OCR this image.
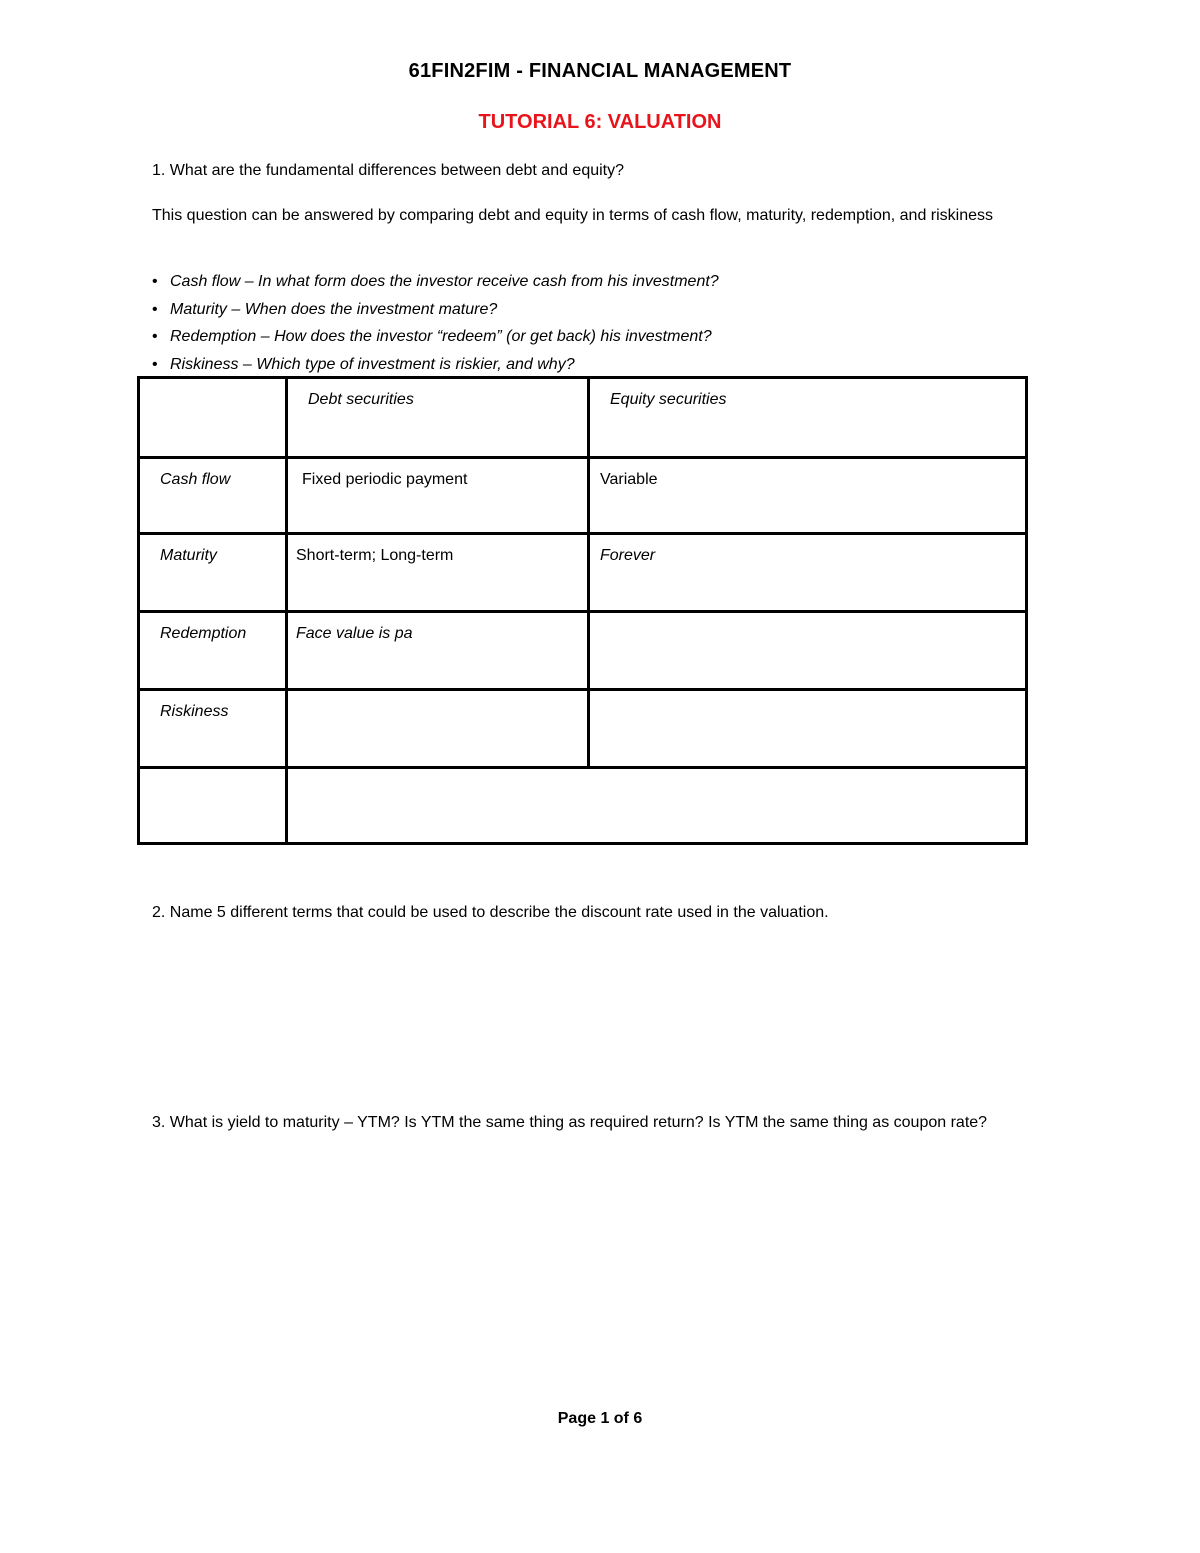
61FIN2FIM - FINANCIAL MANAGEMENT
TUTORIAL 6: VALUATION
1. What are the fundamental differences between debt and equity?
This question can be answered by comparing debt and equity in terms of cash flow, maturity, redemption, and riskiness
• Cash flow – In what form does the investor receive cash from his investment?
• Maturity – When does the investment mature?
• Redemption – How does the investor “redeem” (or get back) his investment?
• Riskiness – Which type of investment is riskier, and why?
	Debt securities	Equity securities
Cash flow	Fixed periodic payment	Variable
Maturity	Short-term; Long-term	Forever
Redemption	Face value is pa	
Riskiness		

2. Name 5 different terms that could be used to describe the discount rate used in the valuation.
3. What is yield to maturity – YTM? Is YTM the same thing as required return? Is YTM the same thing as coupon rate?
Page 1 of 6
